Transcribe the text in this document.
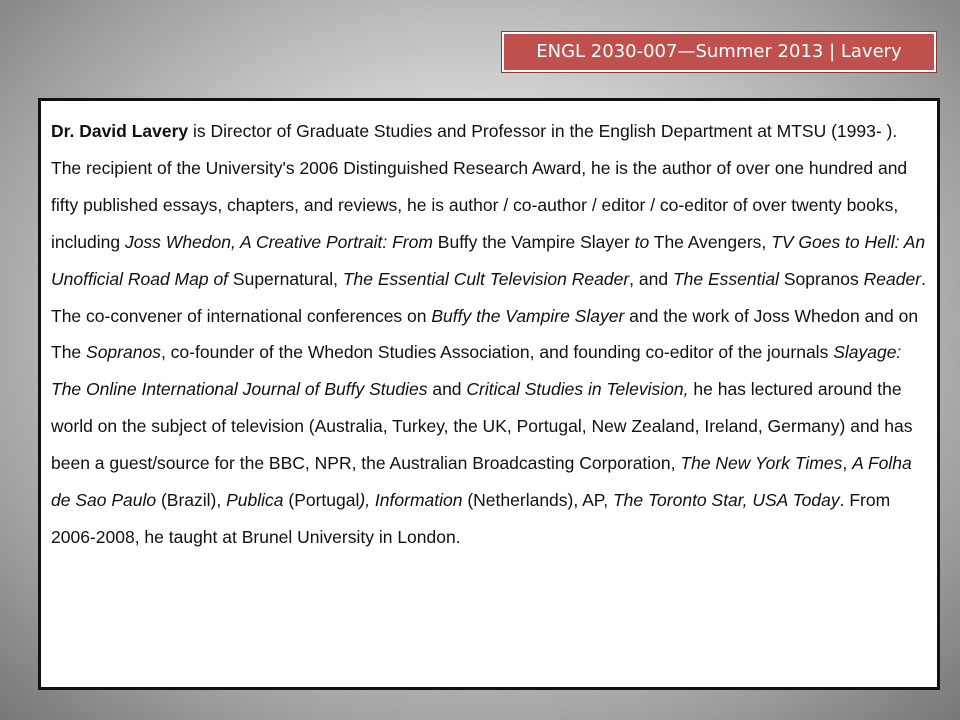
ENGL 2030-007—Summer 2013 | Lavery

Dr. David Lavery is Director of Graduate Studies and Professor in the English Department at MTSU (1993- ). The recipient of the University's 2006 Distinguished Research Award, he is the author of over one hundred and fifty published essays, chapters, and reviews, he is author / co-author / editor / co-editor of over twenty books, including Joss Whedon, A Creative Portrait: From Buffy the Vampire Slayer to The Avengers, TV Goes to Hell: An Unofficial Road Map of Supernatural, The Essential Cult Television Reader, and The Essential Sopranos Reader. The co-convener of international conferences on Buffy the Vampire Slayer and the work of Joss Whedon and on The Sopranos, co-founder of the Whedon Studies Association, and founding co-editor of the journals Slayage: The Online International Journal of Buffy Studies and Critical Studies in Television, he has lectured around the world on the subject of television (Australia, Turkey, the UK, Portugal, New Zealand, Ireland, Germany) and has been a guest/source for the BBC, NPR, the Australian Broadcasting Corporation, The New York Times, A Folha de Sao Paulo (Brazil), Publica (Portugal), Information (Netherlands), AP, The Toronto Star, USA Today. From 2006-2008, he taught at Brunel University in London.
